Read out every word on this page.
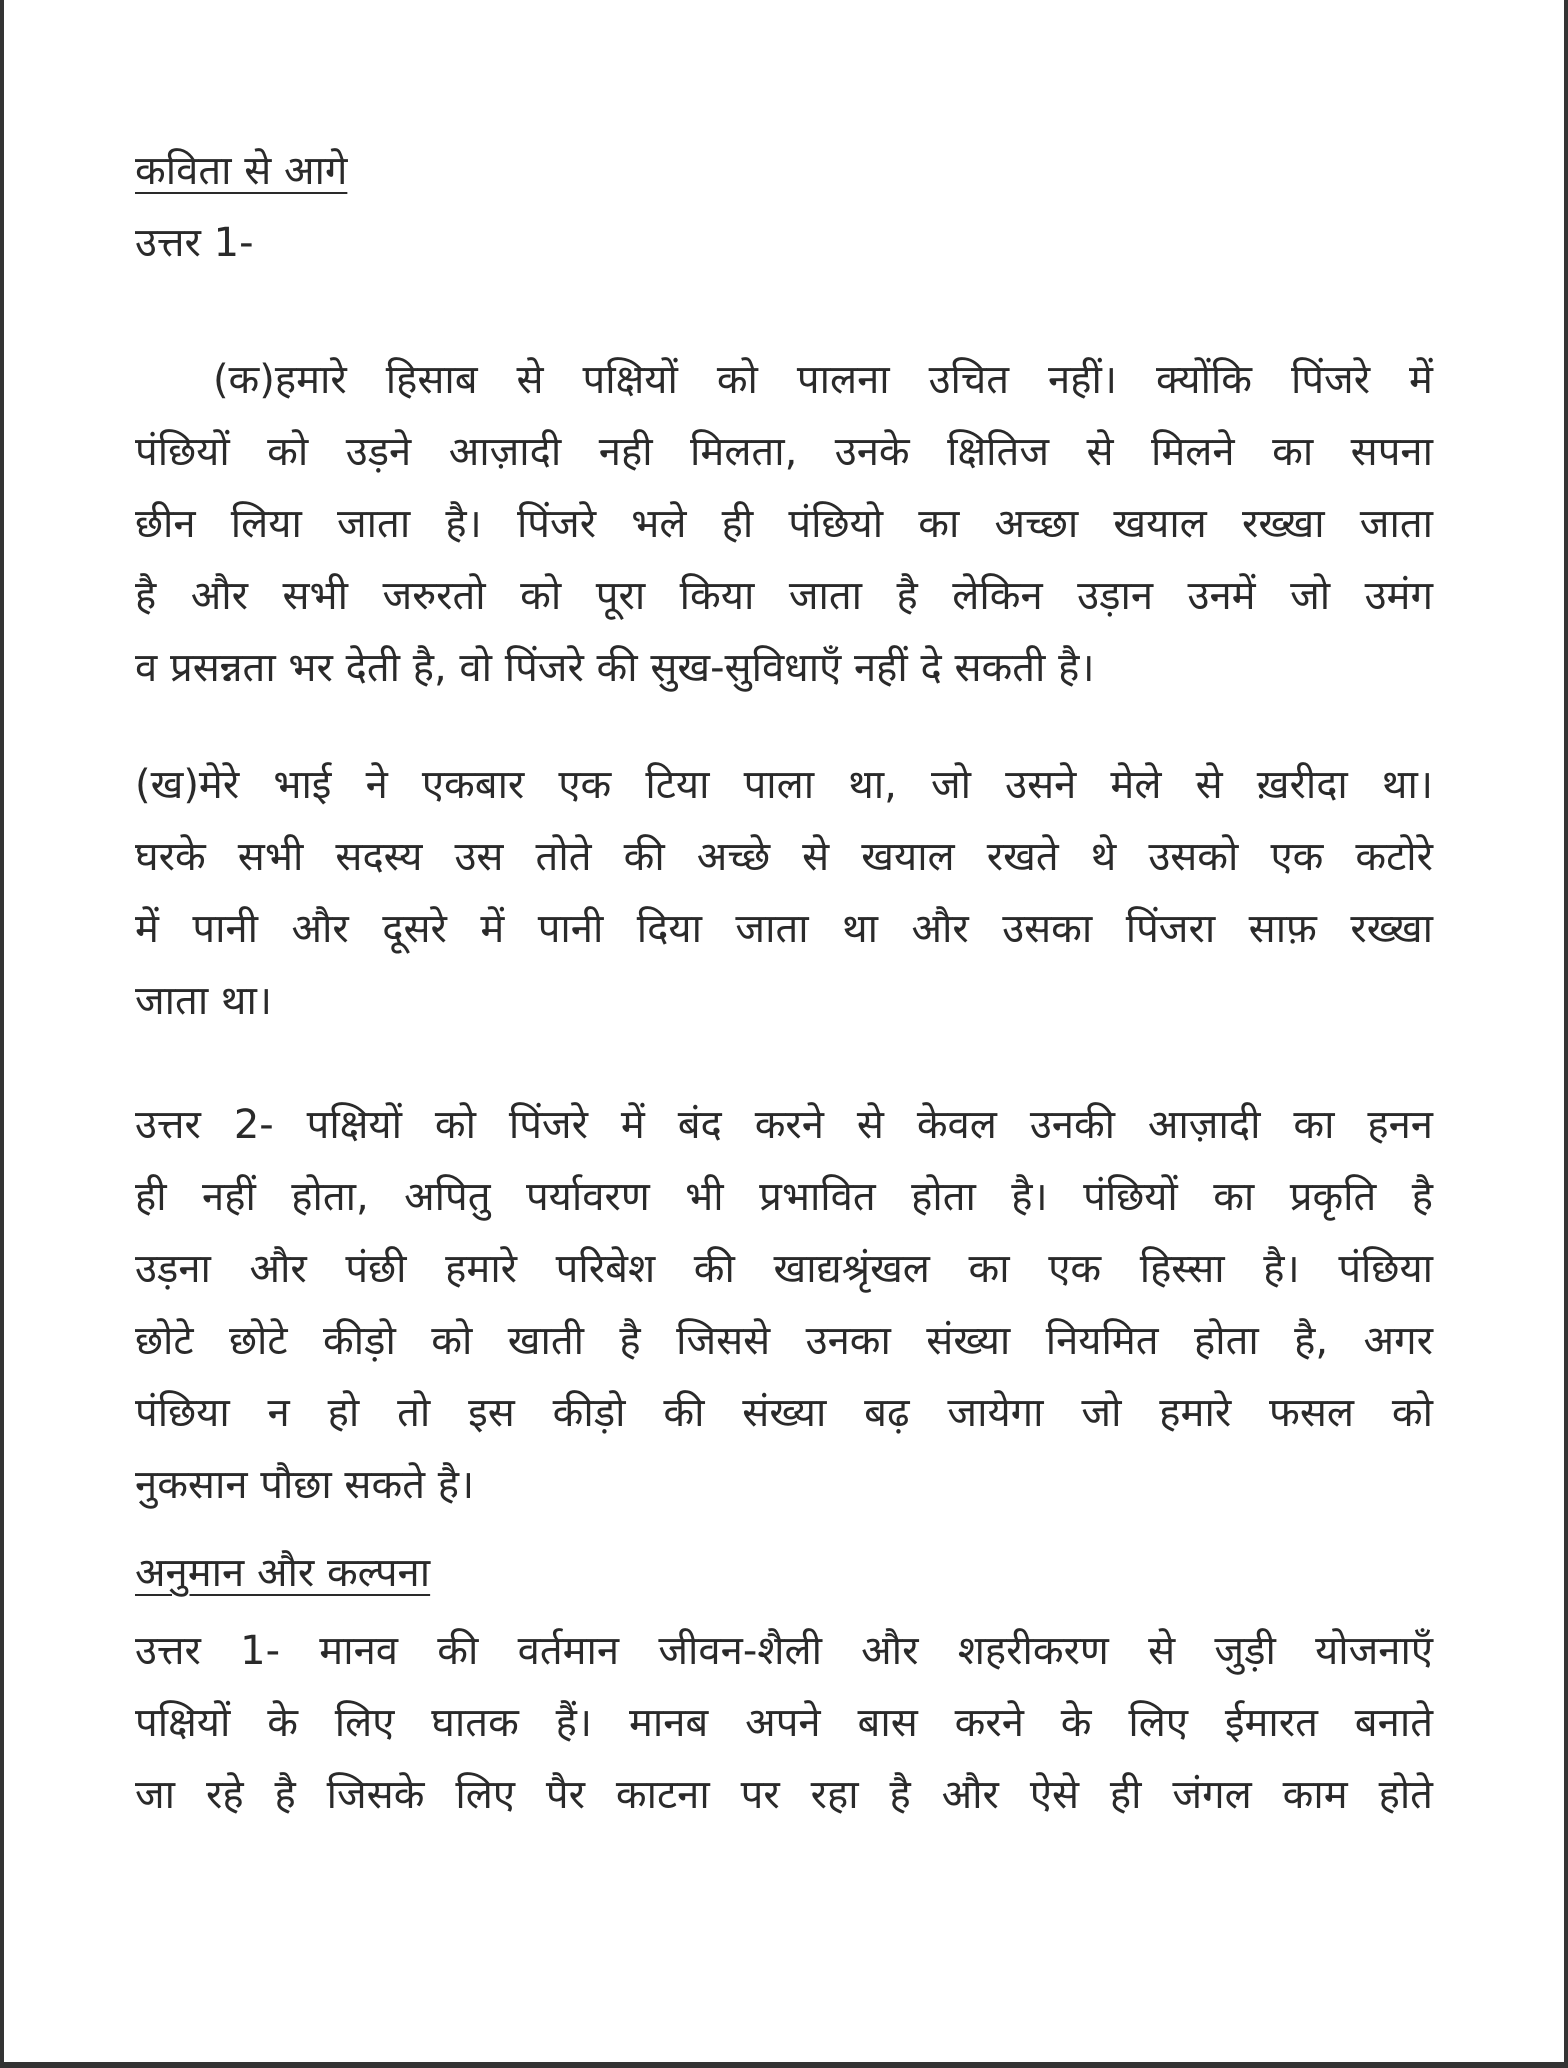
कविता से आगे
उत्तर 1-
(क)हमारे हिसाब से पक्षियों को पालना उचित नहीं। क्योंकि पिंजरे में
पंछियों को उड़ने आज़ादी नही मिलता, उनके क्षितिज से मिलने का सपना
छीन लिया जाता है। पिंजरे भले ही पंछियो का अच्छा खयाल रख्खा जाता
है और सभी जरुरतो को पूरा किया जाता है लेकिन उड़ान उनमें जो उमंग
व प्रसन्नता भर देती है, वो पिंजरे की सुख-सुविधाएँ नहीं दे सकती है।
(ख)मेरे भाई ने एकबार एक टिया पाला था, जो उसने मेले से ख़रीदा था।
घरके सभी सदस्य उस तोते की अच्छे से खयाल रखते थे उसको एक कटोरे
में पानी और दूसरे में पानी दिया जाता था और उसका पिंजरा साफ़ रख्खा
जाता था।
उत्तर 2- पक्षियों को पिंजरे में बंद करने से केवल उनकी आज़ादी का हनन
ही नहीं होता, अपितु पर्यावरण भी प्रभावित होता है। पंछियों का प्रकृति है
उड़ना और पंछी हमारे परिबेश की खाद्यश्रृंखल का एक हिस्सा है। पंछिया
छोटे छोटे कीड़ो को खाती है जिससे उनका संख्या नियमित होता है, अगर
पंछिया न हो तो इस कीड़ो की संख्या बढ़ जायेगा जो हमारे फसल को
नुकसान पौछा सकते है।
अनुमान और कल्पना
उत्तर 1- मानव की वर्तमान जीवन-शैली और शहरीकरण से जुड़ी योजनाएँ
पक्षियों के लिए घातक हैं। मानब अपने बास करने के लिए ईमारत बनाते
जा रहे है जिसके लिए पैर काटना पर रहा है और ऐसे ही जंगल काम होते
